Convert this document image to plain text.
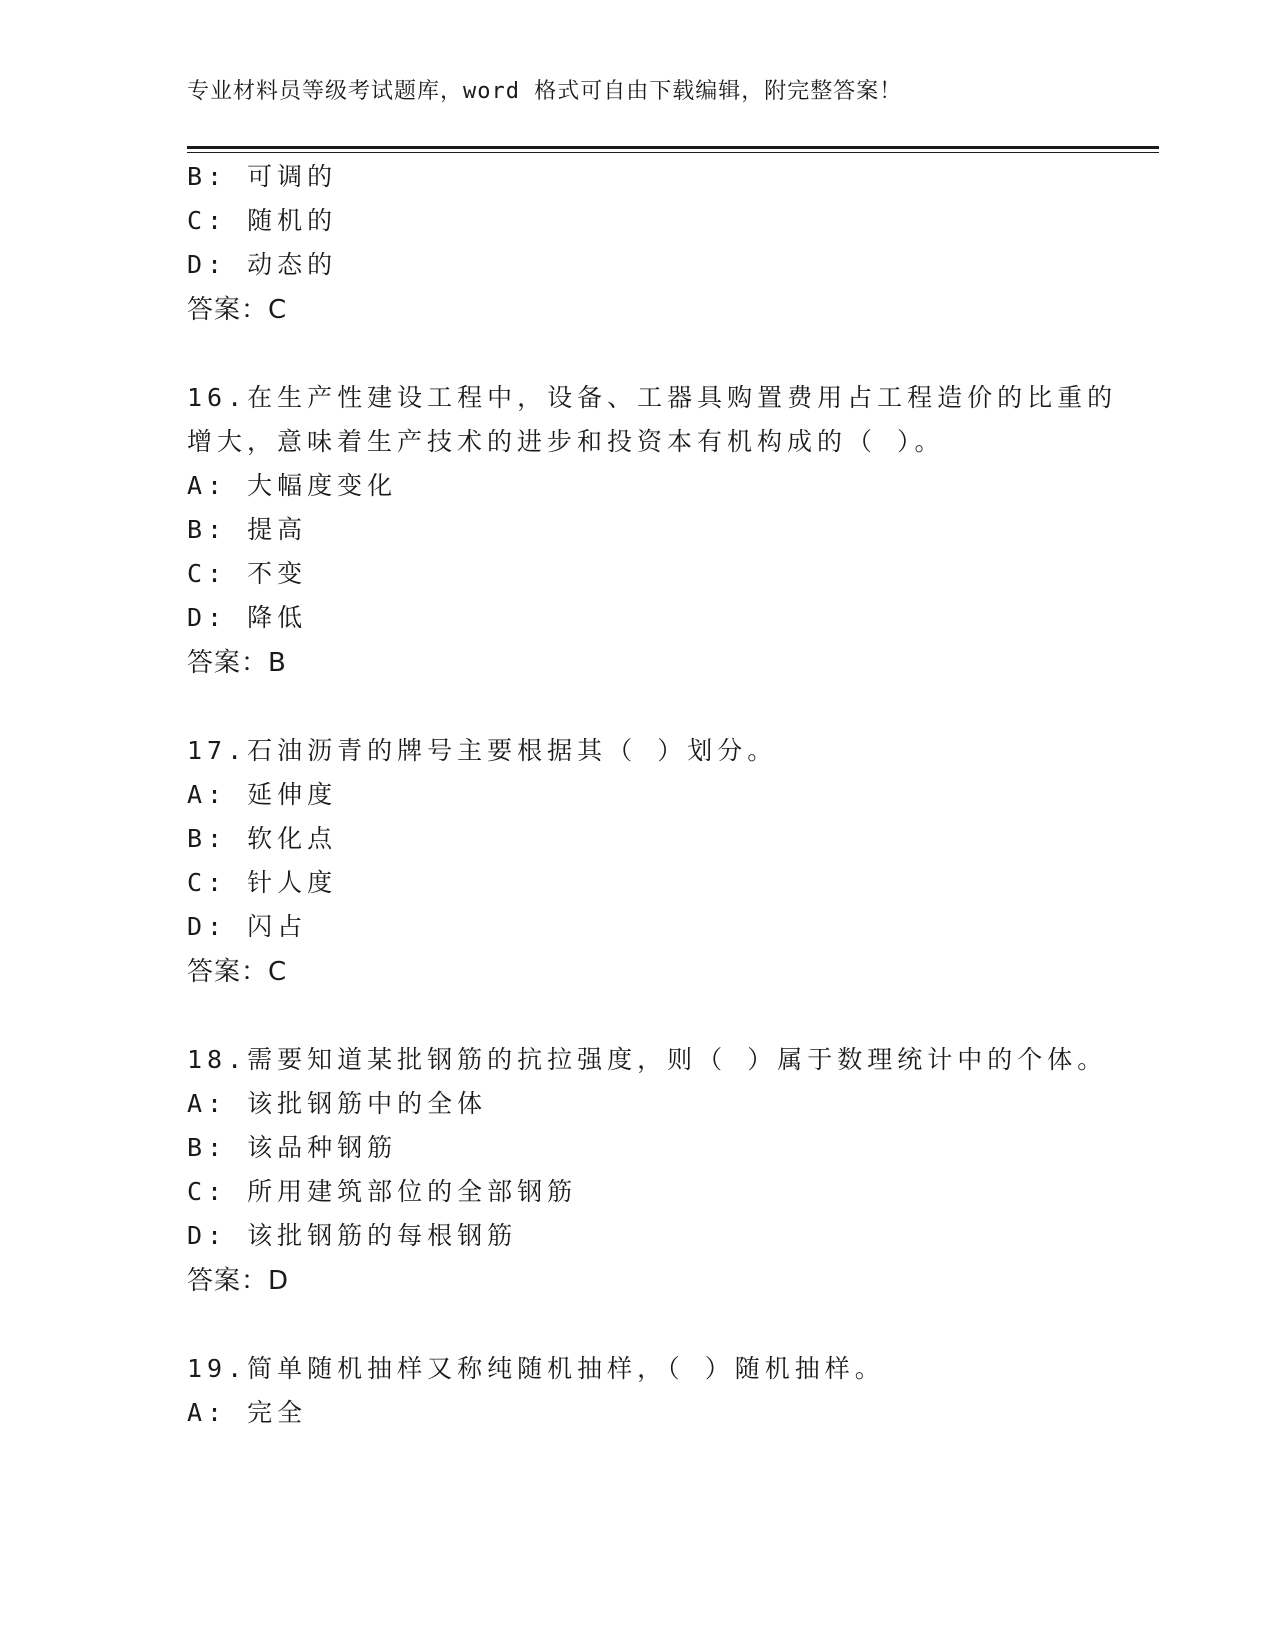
专业材料员等级考试题库，word 格式可自由下载编辑，附完整答案！
B: 可调的
C: 随机的
D: 动态的
答案：C
16.在生产性建设工程中，设备、工器具购置费用占工程造价的比重的
增大，意味着生产技术的进步和投资本有机构成的（ ）。
A: 大幅度变化
B: 提高
C: 不变
D: 降低
答案：B
17.石油沥青的牌号主要根据其（ ）划分。
A: 延伸度
B: 软化点
C: 针人度
D: 闪占
答案：C
18.需要知道某批钢筋的抗拉强度，则（ ）属于数理统计中的个体。
A: 该批钢筋中的全体
B: 该品种钢筋
C: 所用建筑部位的全部钢筋
D: 该批钢筋的每根钢筋
答案：D
19.简单随机抽样又称纯随机抽样，（ ）随机抽样。
A: 完全
